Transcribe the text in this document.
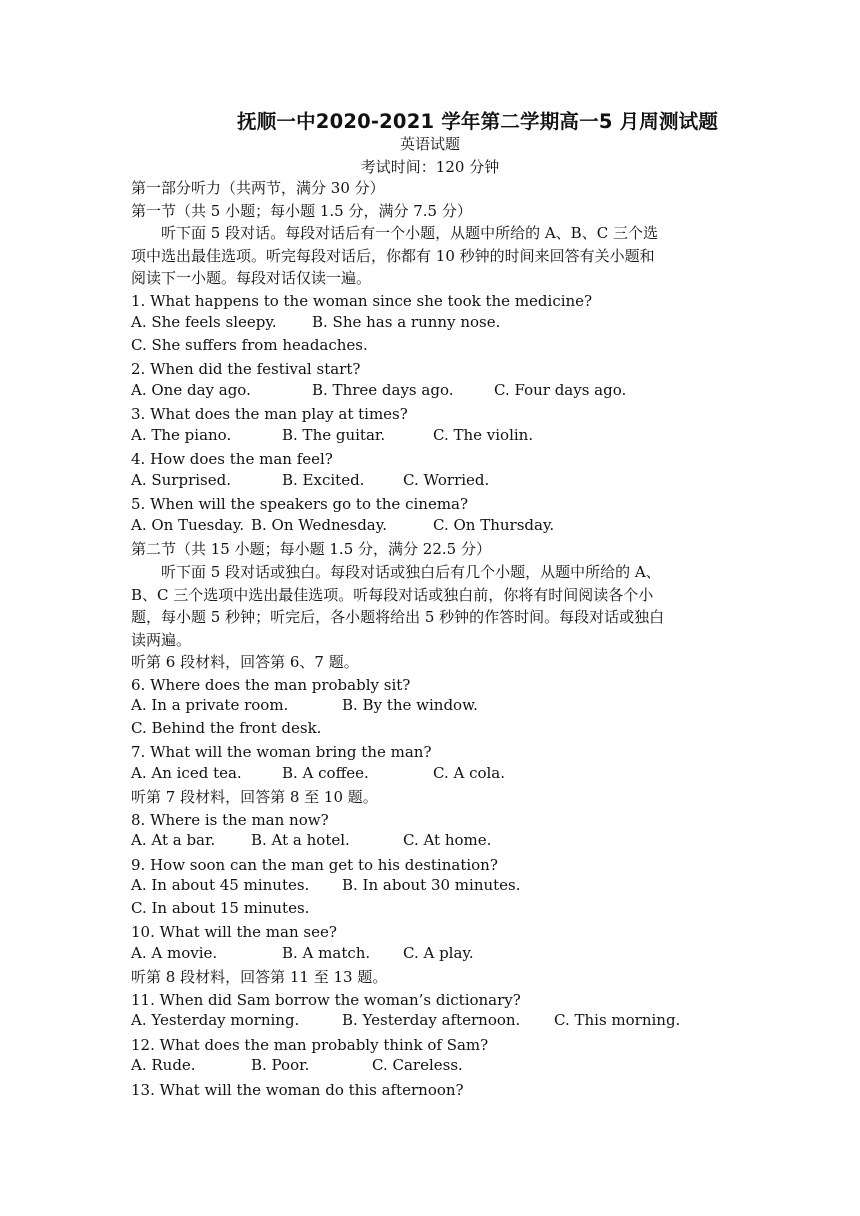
抚顺一中2020-2021 学年第二学期高一5 月周测试题
英语试题
考试时间：120 分钟
第一部分听力（共两节，满分 30 分）
第一节（共 5 小题；每小题 1.5 分，满分 7.5 分）
听下面 5 段对话。每段对话后有一个小题，从题中所给的 A、B、C 三个选
项中选出最佳选项。听完每段对话后，你都有 10 秒钟的时间来回答有关小题和
阅读下一小题。每段对话仅读一遍。
1. What happens to the woman since she took the medicine?
A. She feels sleepy. B. She has a runny nose.
C. She suffers from headaches.
2. When did the festival start?
A. One day ago.	B. Three days ago.	C. Four days ago.
3. What does the man play at times?
A. The piano.	B. The guitar.	C. The violin.
4. How does the man feel?
A. Surprised.	B. Excited.	C. Worried.
5. When will the speakers go to the cinema?
A. On Tuesday. B. On Wednesday.	C. On Thursday.
第二节（共 15 小题；每小题 1.5 分，满分 22.5 分）
听下面 5 段对话或独白。每段对话或独白后有几个小题，从题中所给的 A、
B、C 三个选项中选出最佳选项。听每段对话或独白前，你将有时间阅读各个小
题，每小题 5 秒钟；听完后，各小题将给出 5 秒钟的作答时间。每段对话或独白
读两遍。
听第 6 段材料，回答第 6、7 题。
6. Where does the man probably sit?
A. In a private room.	B. By the window.
C. Behind the front desk.
7. What will the woman bring the man?
A. An iced tea.	B. A coffee.	C. A cola.
听第 7 段材料，回答第 8 至 10 题。
8. Where is the man now?
A. At a bar. B. At a hotel.	C. At home.
9. How soon can the man get to his destination?
A. In about 45 minutes. B. In about 30 minutes.
C. In about 15 minutes.
10. What will the man see?
A. A movie.	B. A match. C. A play.
听第 8 段材料，回答第 11 至 13 题。
11. When did Sam borrow the woman’s dictionary?
A. Yesterday morning.	B. Yesterday afternoon. C. This morning.
12. What does the man probably think of Sam?
A. Rude.	B. Poor.	C. Careless.
13. What will the woman do this afternoon?
